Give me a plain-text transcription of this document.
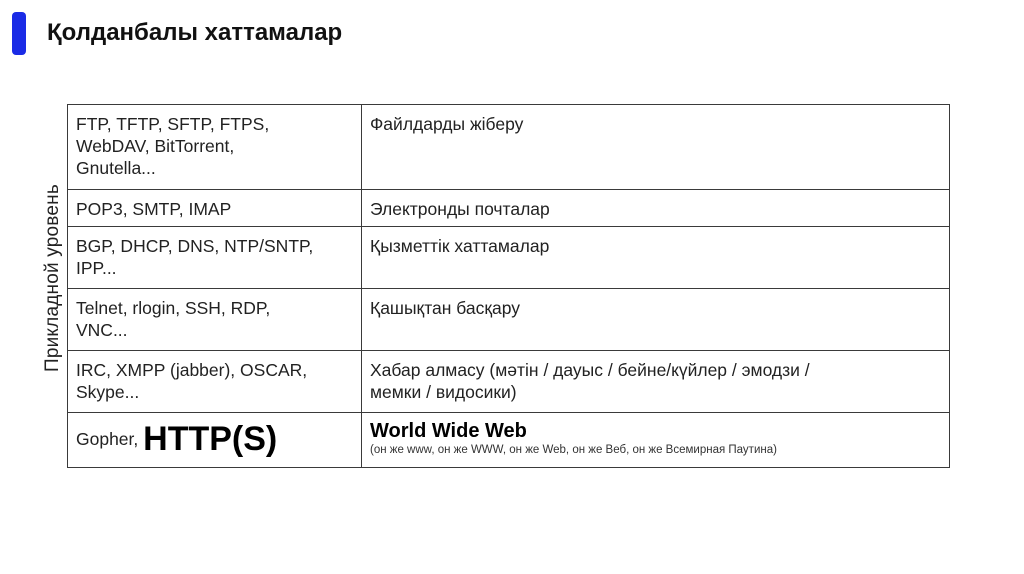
Қолданбалы хаттамалар
Прикладной уровень
FTP, TFTP, SFTP, FTPS,
WebDAV, BitTorrent,
Gnutella...	Файлдарды жіберу

POP3, SMTP, IMAP	Электронды почталар

BGP, DHCP, DNS, NTP/SNTP,
IPP...	Қызметтік хаттамалар

Telnet, rlogin, SSH, RDP,
VNC...	Қашықтан басқару

IRC, XMPP (jabber), OSCAR,
Skype...	Хабар алмасу (мәтін / дауыс / бейне/күйлер / эмодзи /
мемки / видосики)

Gopher, HTTP(S)	World Wide Web
(он же www, он же WWW, он же Web, он же Веб, он же Всемирная Паутина)
